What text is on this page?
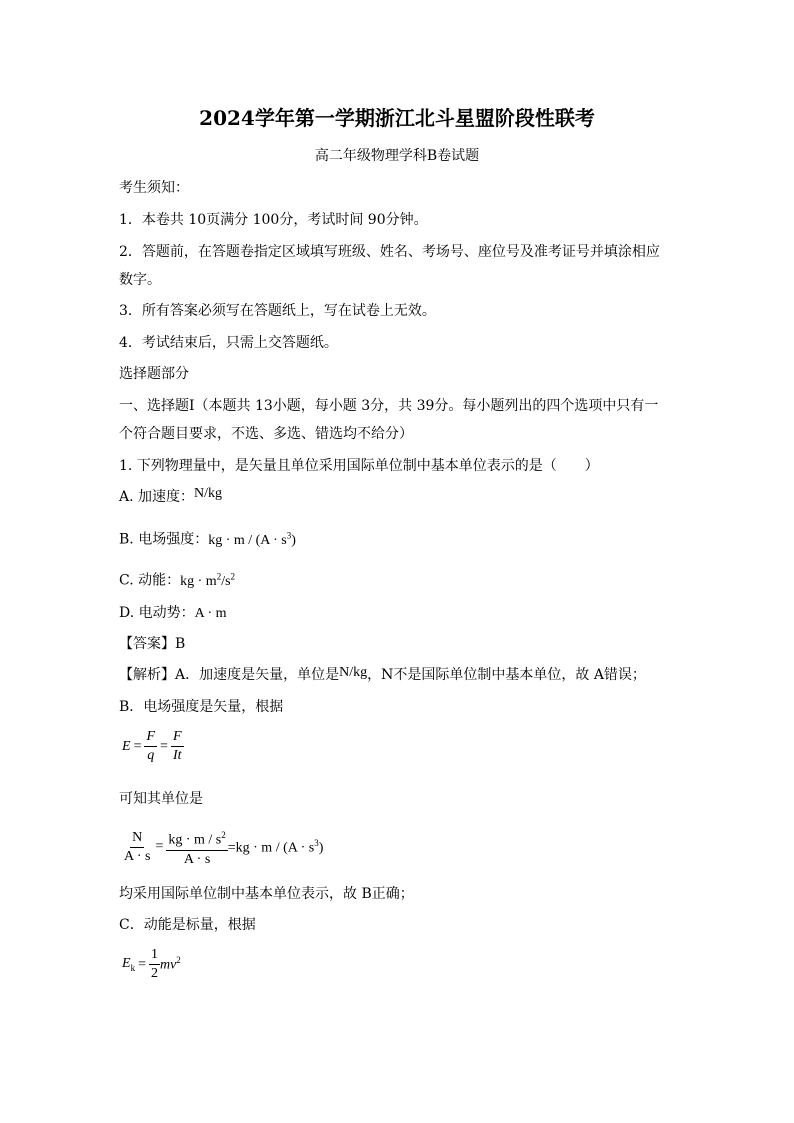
2024学年第一学期浙江北斗星盟阶段性联考
高二年级物理学科B卷试题
考生须知：
1．本卷共 10页满分 100分，考试时间 90分钟。
2．答题前，在答题卷指定区域填写班级、姓名、考场号、座位号及准考证号并填涂相应
数字。
3．所有答案必须写在答题纸上，写在试卷上无效。
4．考试结束后，只需上交答题纸。
选择题部分
一、选择题Ⅰ（本题共 13小题，每小题 3分，共 39分。每小题列出的四个选项中只有一
个符合题目要求，不选、多选、错选均不给分）
1. 下列物理量中，是矢量且单位采用国际单位制中基本单位表示的是（　　）
A. 加速度：N/kg
B. 电场强度：kg · $m / (A \cdot s^3)$
C. 动能：kg · $m^2/s^2$
D. 电动势：A · m
【答案】B
【解析】A．加速度是矢量，单位是N/kg，N不是国际单位制中基本单位，故 A错误；
B．电场强度是矢量，根据
$E = \frac{F}{q} = \frac{F}{It}$
可知其单位是
$\frac{N}{A \cdot s} = \frac{kg \cdot m / s^2}{A \cdot s} =kg \cdot m / (A \cdot s^3)$
均采用国际单位制中基本单位表示，故 B正确；
C．动能是标量，根据
$E_k = \frac{1}{2} mv^2$
